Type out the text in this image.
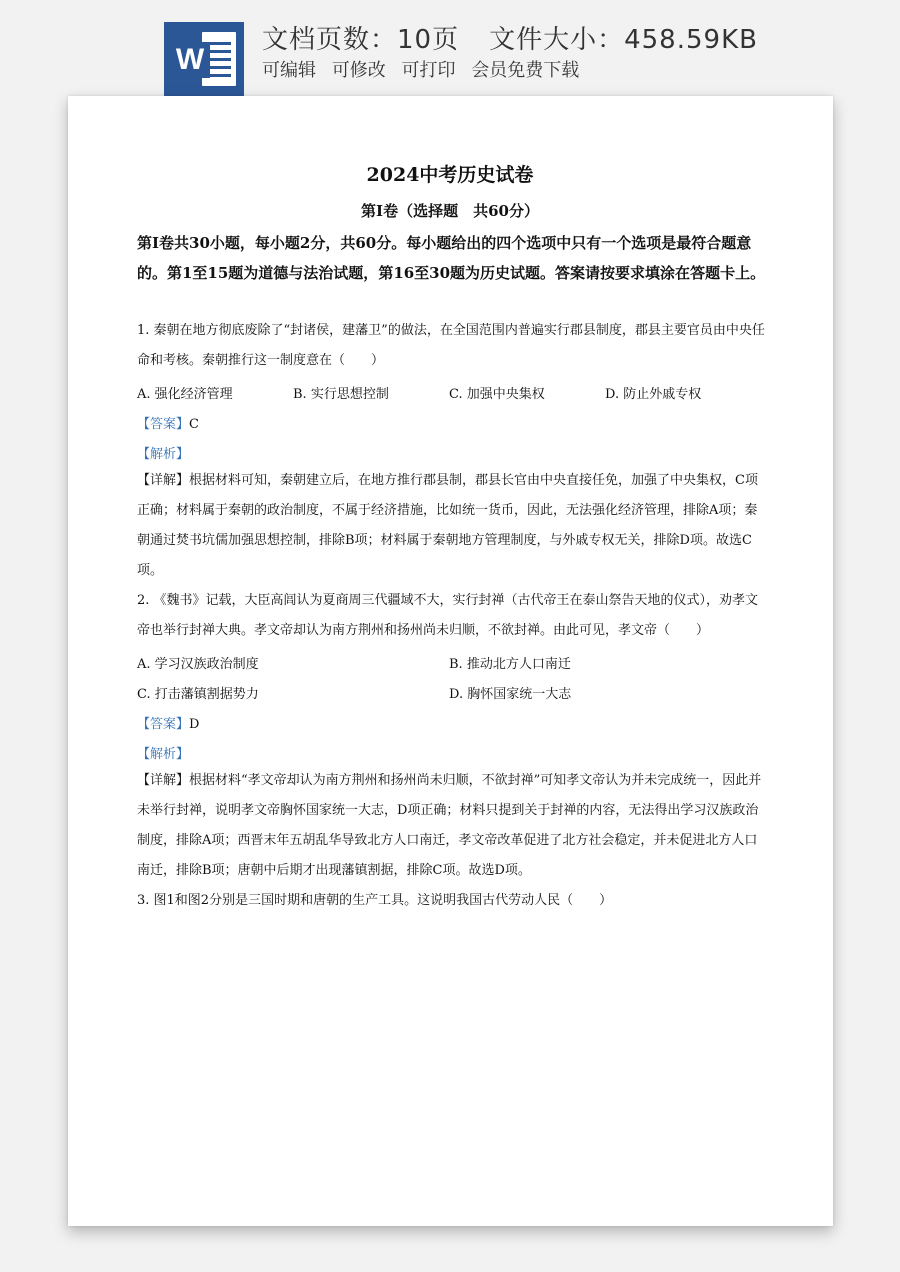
W
文档页数：10页 文件大小：458.59KB
可编辑 可修改 可打印 会员免费下载
2024中考历史试卷
第Ⅰ卷（选择题　共60分）
第Ⅰ卷共30小题，每小题2分，共60分。每小题给出的四个选项中只有一个选项是最符合题意的。第1至15题为道德与法治试题，第16至30题为历史试题。答案请按要求填涂在答题卡上。
1. 秦朝在地方彻底废除了“封诸侯，建藩卫”的做法，在全国范围内普遍实行郡县制度，郡县主要官员由中央任命和考核。秦朝推行这一制度意在（　　）
A. 强化经济管理	B. 实行思想控制	C. 加强中央集权	D. 防止外戚专权
【答案】C
【解析】
【详解】根据材料可知，秦朝建立后，在地方推行郡县制，郡县长官由中央直接任免，加强了中央集权，C项正确；材料属于秦朝的政治制度，不属于经济措施，比如统一货币，因此，无法强化经济管理，排除A项；秦朝通过焚书坑儒加强思想控制，排除B项；材料属于秦朝地方管理制度，与外戚专权无关，排除D项。故选C项。
2. 《魏书》记载，大臣高闾认为夏商周三代疆域不大，实行封禅（古代帝王在泰山祭告天地的仪式），劝孝文帝也举行封禅大典。孝文帝却认为南方荆州和扬州尚未归顺，不欲封禅。由此可见，孝文帝（　　）
A. 学习汉族政治制度	B. 推动北方人口南迁
C. 打击藩镇割据势力	D. 胸怀国家统一大志
【答案】D
【解析】
【详解】根据材料“孝文帝却认为南方荆州和扬州尚未归顺，不欲封禅”可知孝文帝认为并未完成统一，因此并未举行封禅，说明孝文帝胸怀国家统一大志，D项正确；材料只提到关于封禅的内容，无法得出学习汉族政治制度，排除A项；西晋末年五胡乱华导致北方人口南迁，孝文帝改革促进了北方社会稳定，并未促进北方人口南迁，排除B项；唐朝中后期才出现藩镇割据，排除C项。故选D项。
3. 图1和图2分别是三国时期和唐朝的生产工具。这说明我国古代劳动人民（　　）
